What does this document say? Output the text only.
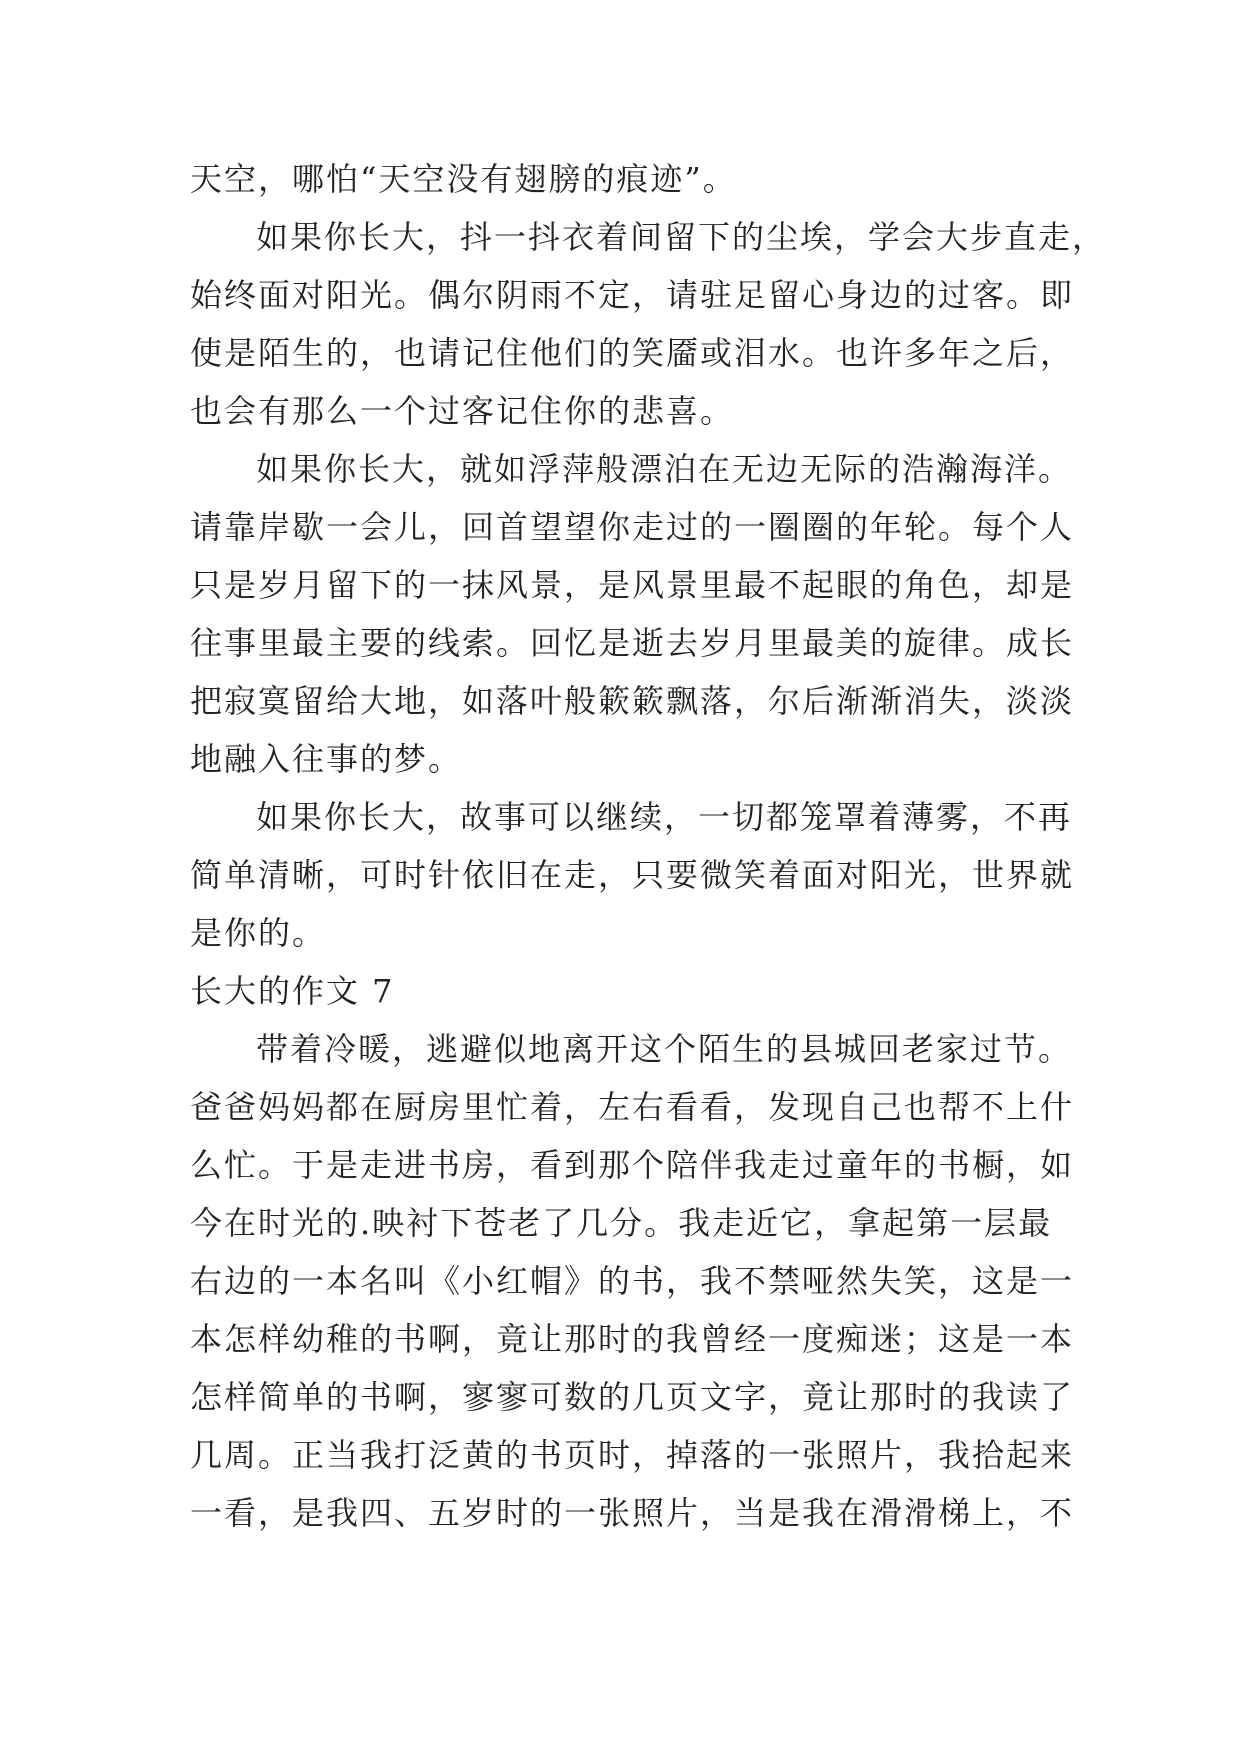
天空，哪怕“天空没有翅膀的痕迹”。
如果你长大，抖一抖衣着间留下的尘埃，学会大步直走，
始终面对阳光。偶尔阴雨不定，请驻足留心身边的过客。即
使是陌生的，也请记住他们的笑靥或泪水。也许多年之后，
也会有那么一个过客记住你的悲喜。
如果你长大，就如浮萍般漂泊在无边无际的浩瀚海洋。
请靠岸歇一会儿，回首望望你走过的一圈圈的年轮。每个人
只是岁月留下的一抹风景，是风景里最不起眼的角色，却是
往事里最主要的线索。回忆是逝去岁月里最美的旋律。成长
把寂寞留给大地，如落叶般簌簌飘落，尔后渐渐消失，淡淡
地融入往事的梦。
如果你长大，故事可以继续，一切都笼罩着薄雾，不再
简单清晰，可时针依旧在走，只要微笑着面对阳光，世界就
是你的。
长大的作文 7
带着冷暖，逃避似地离开这个陌生的县城回老家过节。
爸爸妈妈都在厨房里忙着，左右看看，发现自己也帮不上什
么忙。于是走进书房，看到那个陪伴我走过童年的书橱，如
今在时光的.映衬下苍老了几分。我走近它，拿起第一层最
右边的一本名叫《小红帽》的书，我不禁哑然失笑，这是一
本怎样幼稚的书啊，竟让那时的我曾经一度痴迷；这是一本
怎样简单的书啊，寥寥可数的几页文字，竟让那时的我读了
几周。正当我打泛黄的书页时，掉落的一张照片，我拾起来
一看，是我四、五岁时的一张照片，当是我在滑滑梯上，不
